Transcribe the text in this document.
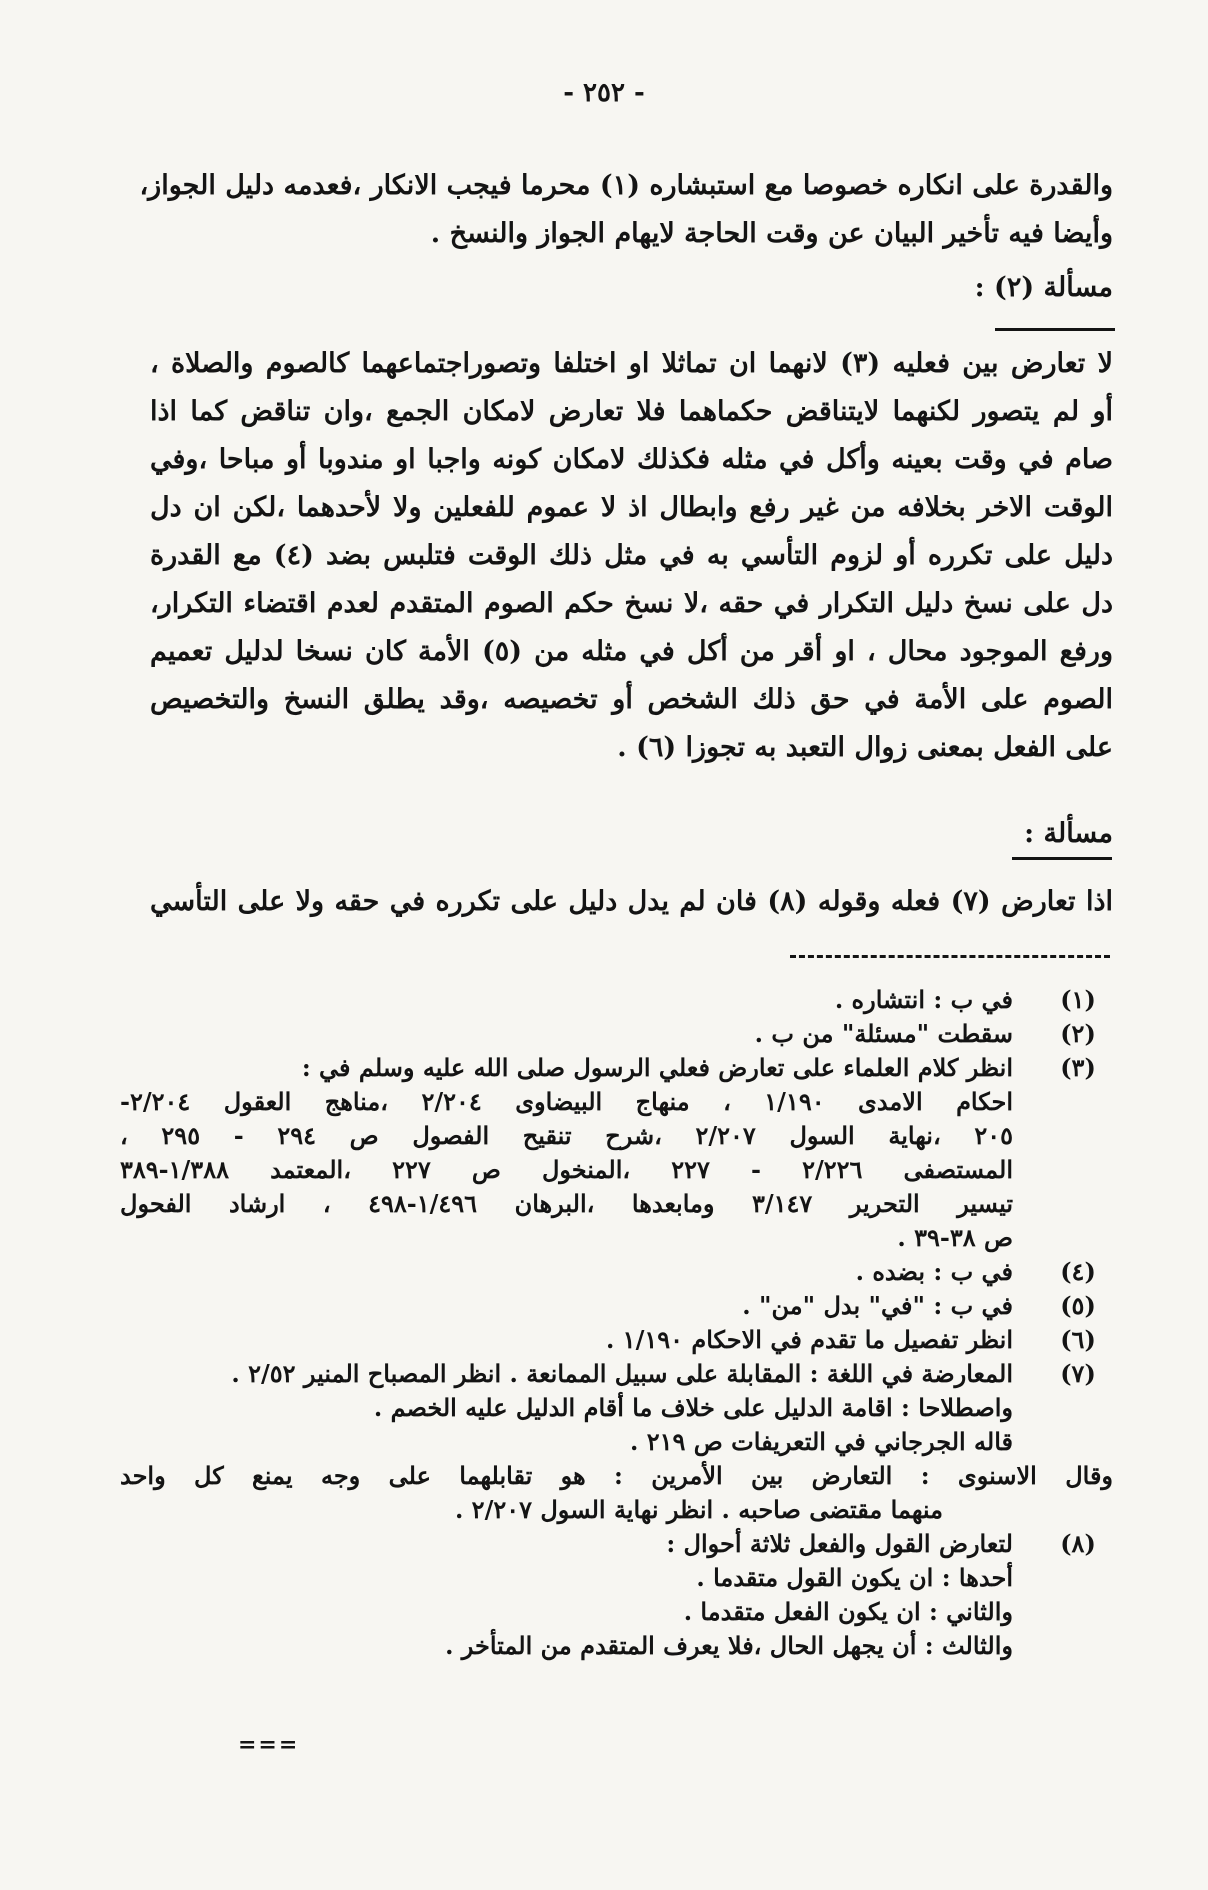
- ٢٥٢ -
والقدرة على انكاره خصوصا مع استبشاره (١) محرما فيجب الانكار ،فعدمه دليل الجواز،
وأيضا فيه تأخير البيان عن وقت الحاجة لايهام الجواز والنسخ .
مسألة (٢) :
لا تعارض بين فعليه (٣) لانهما ان تماثلا او اختلفا وتصوراجتماعهما كالصوم والصلاة ،
أو لم يتصور لكنهما لايتناقض حكماهما فلا تعارض لامكان الجمع ،وان تناقض كما اذا
صام في وقت بعينه وأكل في مثله فكذلك لامكان كونه واجبا او مندوبا أو مباحا ،وفي
الوقت الاخر بخلافه من غير رفع وابطال اذ لا عموم للفعلين ولا لأحدهما ،لكن ان دل
دليل على تكرره أو لزوم التأسي به في مثل ذلك الوقت فتلبس بضد (٤) مع القدرة
دل على نسخ دليل التكرار في حقه ،لا نسخ حكم الصوم المتقدم لعدم اقتضاء التكرار،
ورفع الموجود محال ، او أقر من أكل في مثله من (٥) الأمة كان نسخا لدليل تعميم
الصوم على الأمة في حق ذلك الشخص أو تخصيصه ،وقد يطلق النسخ والتخصيص
على الفعل بمعنى زوال التعبد به تجوزا (٦) .
مسألة :
اذا تعارض (٧) فعله وقوله (٨) فان لم يدل دليل على تكرره في حقه ولا على التأسي
(١)
في ب : انتشاره .
(٢)
سقطت "مسئلة" من ب .
(٣)
انظر كلام العلماء على تعارض فعلي الرسول صلى الله عليه وسلم في :
احكام الامدى ١/١٩٠ ، منهاج البيضاوى ٢/٢٠٤ ،مناهج العقول ٢/٢٠٤-
٢٠٥ ،نهاية السول ٢/٢٠٧ ،شرح تنقيح الفصول ص ٢٩٤ - ٢٩٥ ،
المستصفى ٢/٢٢٦ - ٢٢٧ ،المنخول ص ٢٢٧ ،المعتمد ١/٣٨٨-٣٨٩
تيسير التحرير ٣/١٤٧ ومابعدها ،البرهان ١/٤٩٦-٤٩٨ ، ارشاد الفحول
ص ٣٨-٣٩ .
(٤)
في ب : بضده .
(٥)
في ب : "في" بدل "من" .
(٦)
انظر تفصيل ما تقدم في الاحكام ١/١٩٠ .
(٧)
المعارضة في اللغة : المقابلة على سبيل الممانعة . انظر المصباح المنير ٢/٥٢ .
واصطلاحا : اقامة الدليل على خلاف ما أقام الدليل عليه الخصم .
قاله الجرجاني في التعريفات ص ٢١٩ .
وقال الاسنوى : التعارض بين الأمرين : هو تقابلهما على وجه يمنع كل واحد
منهما مقتضى صاحبه . انظر نهاية السول ٢/٢٠٧ .
(٨)
لتعارض القول والفعل ثلاثة أحوال :
أحدها : ان يكون القول متقدما .
والثاني : ان يكون الفعل متقدما .
والثالث : أن يجهل الحال ،فلا يعرف المتقدم من المتأخر .
===
